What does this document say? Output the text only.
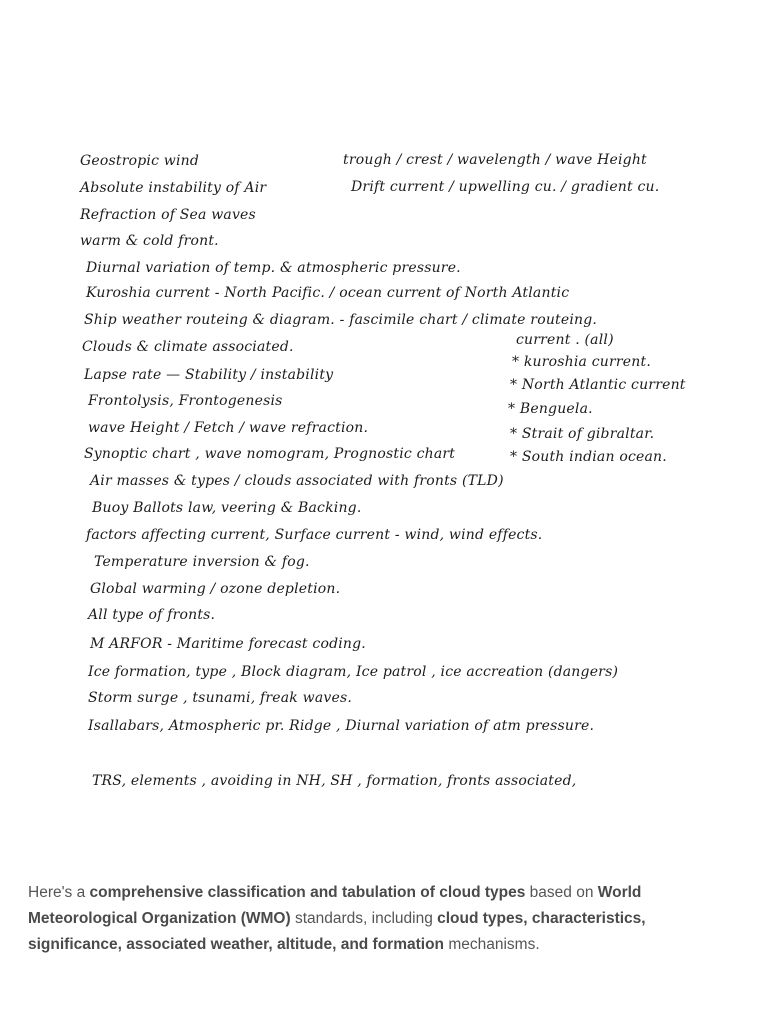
trough / crest / wavelength / wave Height
Drift current / upwelling cu. / gradient cu.
Geostropic wind
Absolute instability of Air
Refraction of Sea waves
warm & cold front.
Diurnal variation of temp. & atmospheric pressure.
Kuroshia current - North Pacific. / ocean current of North Atlantic
Ship weather routeing & diagram. - fascimile chart / climate routeing.
Clouds & climate associated.
Lapse rate — Stability / instability
Frontolysis, Frontogenesis
wave Height / Fetch / wave refraction.
Synoptic chart , wave nomogram, Prognostic chart
Air masses & types / clouds associated with fronts (TLD)
Buoy Ballots law, veering & Backing.
factors affecting current, Surface current - wind, wind effects.
Temperature inversion & fog.
Global warming / ozone depletion.
All type of fronts.
M ARFOR - Maritime forecast coding.
Ice formation, type , Block diagram, Ice patrol , ice accreation (dangers)
Storm surge , tsunami, freak waves.
Isallabars, Atmospheric pr. Ridge , Diurnal variation of atm pressure.
TRS, elements , avoiding in NH, SH , formation, fronts associated,
current . (all)
* kuroshia current.
* North Atlantic current
* Benguela.
* Strait of gibraltar.
* South indian ocean.
Here's a comprehensive classification and tabulation of cloud types based on World Meteorological Organization (WMO) standards, including cloud types, characteristics, significance, associated weather, altitude, and formation mechanisms.
